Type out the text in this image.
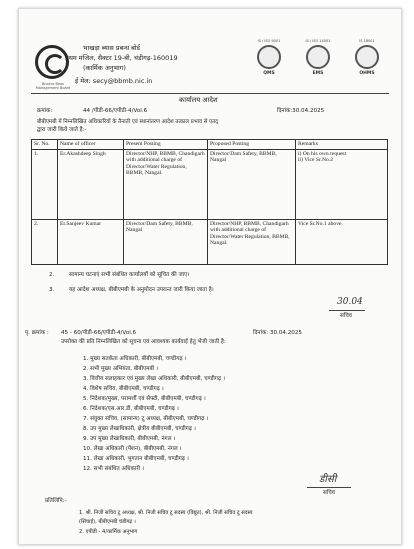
Bhakra Beas Management Board
भाखड़ा ब्यास प्रबन्ध बोर्ड
प्रथम मंजिल, सैक्टर 19-बी, चंडीगढ़-160019
(कार्मिक अनुभाग)
ई मेल: secy@bbmb.nic.in
IS / ISO 9001
QMS
IS / ISO 14001
EMS
IS 18001
OHMS
कार्यालय आदेश
क्रमांक:	44 /पीडी-66/एपीडी-4/Vol.6	दिनांक:30.04.2025
बीबीएमबी में निम्नलिखित अधिकारियों के तैनाती एवं स्थानांतरण आदेश तत्काल प्रभाव से एतद्
द्वारा जारी किये जाते है:-
Sr. No.	Name of officer	Present Posting	Proposed Posting	Remarks
1.	Er.Akashdeep Singh	Director/NHP, BBMB, Chandigarh with additional charge of Director/Water Regulation, BBMB, Nangal.	Director/Dam Safety, BBMB, Nangal	i) On his own request
ii) Vice Sr.No.2

2.	Er.Sanjeev Kumar	Director/Dam Safety, BBMB, Nangal	Director/NHP, BBMB, Chandigarh with additional charge of Director/Water Regulation, BBMB, Nangal.	Vice Sr.No.1 above.
2.	सामान्य घटनाएं सभी संबंधित कार्यालयों को सूचित की जाए।
3.	यह आदेश अध्यक्ष, बीबीएमबी के अनुमोदन उपरान्त जारी किया जाता है।
30.04
सचिव
पृ. क्रमांक : 45 - 60/पीडी-66/एपीडी-4/Vol.6	दिनांक: 30.04.2025
उपरोक्त की प्रति निम्नलिखित को सूचना एवं आवश्यक कार्यवाई हेतु भेजी जाती है:
1. मुख्य सतर्कता अधिकारी, बीबीएमबी, चण्डीगढ़ ।
2. सभी मुख्य अभियंता, बीबीएमबी ।
3. वित्तीय सलाहकार एवं मुख्य लेखा अधिकारी, बीबीएमबी, चण्डीगढ़ ।
4. विशेष सचिव, बीबीएमबी, चण्डीगढ़ ।
5. निदेशक/मुख्य, परामर्शी एवं सेफ्टी, बीबीएमबी, चण्डीगढ़ ।
6. निदेशक/एस.आर.डी, बीबीएमबी, चण्डीगढ़ ।
7. संयुक्त सचिव, (सामान्य) टू अध्यक्ष, बीबीएमबी, चण्डीगढ़ ।
8. उप मुख्य लेखाधिकारी, क्षेत्रीय बीबीएमबी, चण्डीगढ़ ।
9. उप मुख्य लेखाधिकारी, बीबीएमबी, नंगल ।
10. लेखा अधिकारी (पेंशन), बीबीएमबी, नंगल ।
11. लेखा अधिकारी, भुगतान बीबीएमबी, चण्डीगढ़ ।
12. सभी संबंधित अधिकारी ।
डीसी
सचिव
प्रतिलिपि:-
1. श्री. निजी सचिव टू अध्यक्ष, श्री. निजी सचिव टू सदस्य (विद्युत), श्री. निजी सचिव टू सदस्य
(सिंचाई), बीबीएमबी चंडीगढ़ ।
2. एपीडी - 4/कार्मिक अनुभाग
